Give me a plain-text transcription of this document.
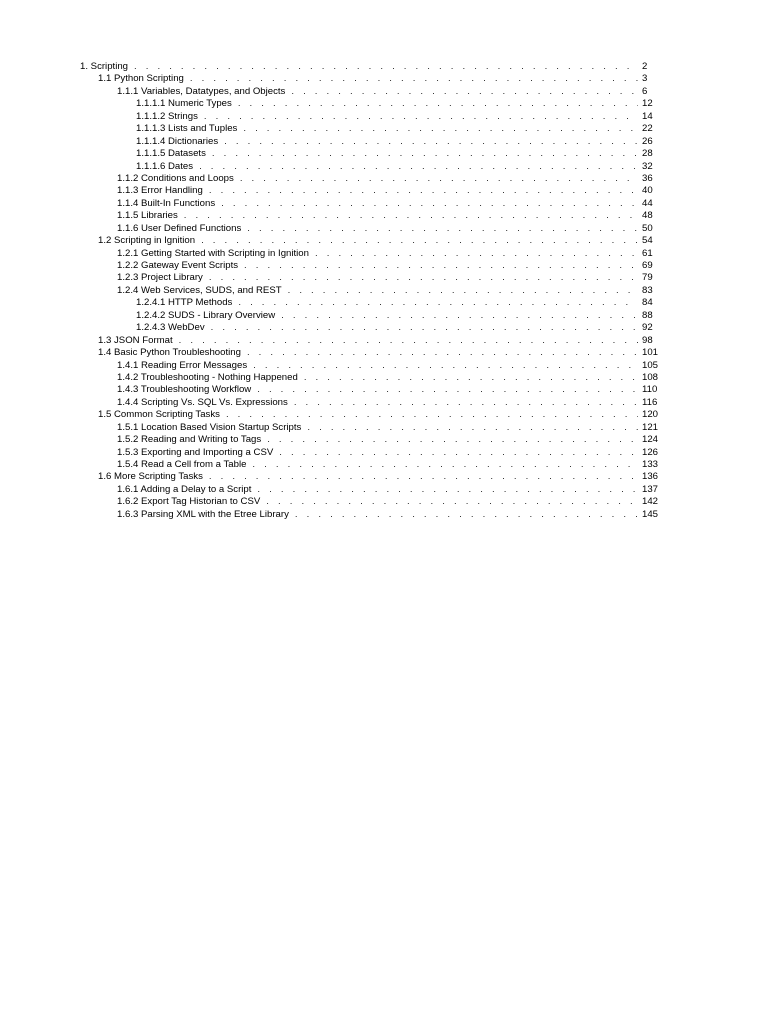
1. Scripting . . .	2
1.1 Python Scripting . . .	3
1.1.1 Variables, Datatypes, and Objects . . .	6
1.1.1.1 Numeric Types . . .	12
1.1.1.2 Strings . . .	14
1.1.1.3 Lists and Tuples . . .	22
1.1.1.4 Dictionaries . . .	26
1.1.1.5 Datasets . . .	28
1.1.1.6 Dates . . .	32
1.1.2 Conditions and Loops . . .	36
1.1.3 Error Handling . . .	40
1.1.4 Built-In Functions . . .	44
1.1.5 Libraries . . .	48
1.1.6 User Defined Functions . . .	50
1.2 Scripting in Ignition . . .	54
1.2.1 Getting Started with Scripting in Ignition . . .	61
1.2.2 Gateway Event Scripts . . .	69
1.2.3 Project Library . . .	79
1.2.4 Web Services, SUDS, and REST . . .	83
1.2.4.1 HTTP Methods . . .	84
1.2.4.2 SUDS - Library Overview . . .	88
1.2.4.3 WebDev . . .	92
1.3 JSON Format . . .	98
1.4 Basic Python Troubleshooting . . .	101
1.4.1 Reading Error Messages . . .	105
1.4.2 Troubleshooting - Nothing Happened . . .	108
1.4.3 Troubleshooting Workflow . . .	110
1.4.4 Scripting Vs. SQL Vs. Expressions . . .	116
1.5 Common Scripting Tasks . . .	120
1.5.1 Location Based Vision Startup Scripts . . .	121
1.5.2 Reading and Writing to Tags . . .	124
1.5.3 Exporting and Importing a CSV . . .	126
1.5.4 Read a Cell from a Table . . .	133
1.6 More Scripting Tasks . . .	136
1.6.1 Adding a Delay to a Script . . .	137
1.6.2 Export Tag Historian to CSV . . .	142
1.6.3 Parsing XML with the Etree Library . . .	145
